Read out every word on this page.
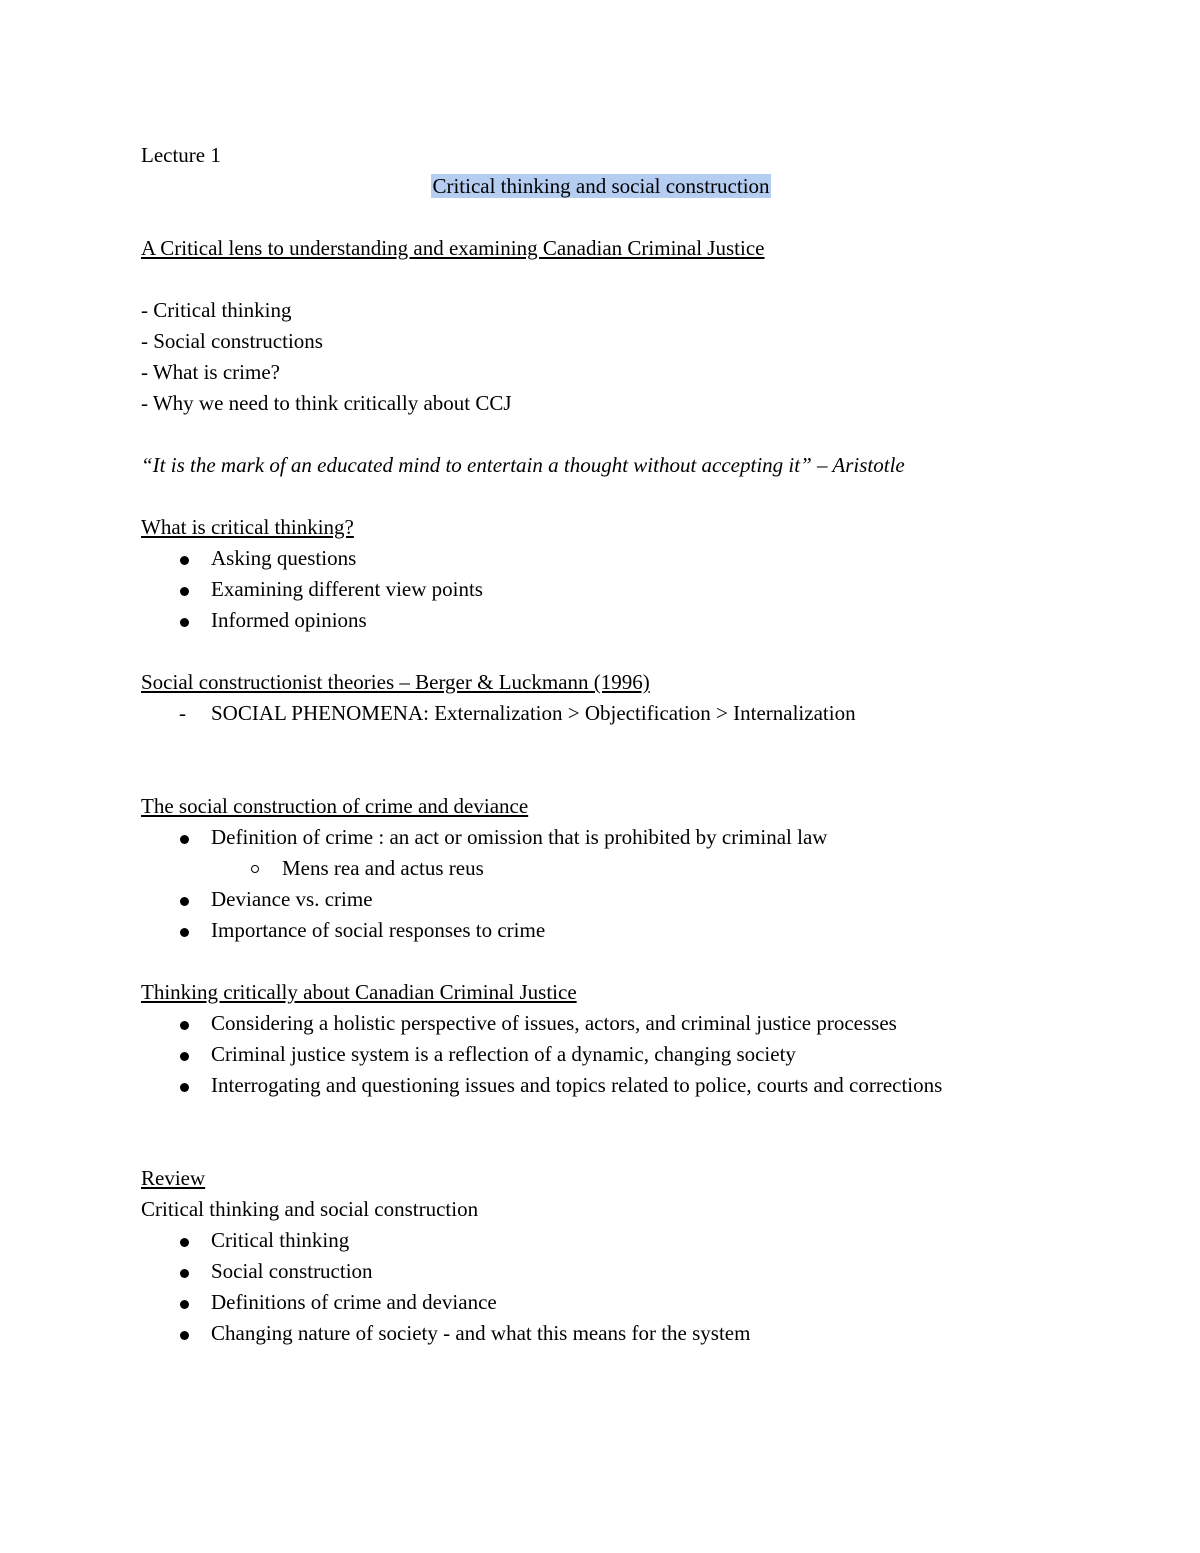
Lecture 1
Critical thinking and social construction
A Critical lens to understanding and examining Canadian Criminal Justice
- Critical thinking
- Social constructions
- What is crime?
- Why we need to think critically about CCJ
“It is the mark of an educated mind to entertain a thought without accepting it” – Aristotle
What is critical thinking?
Asking questions
Examining different view points
Informed opinions
Social constructionist theories – Berger & Luckmann (1996)
-	SOCIAL PHENOMENA: Externalization > Objectification > Internalization
The social construction of crime and deviance
Definition of crime : an act or omission that is prohibited by criminal law
Mens rea and actus reus
Deviance vs. crime
Importance of social responses to crime
Thinking critically about Canadian Criminal Justice
Considering a holistic perspective of issues, actors, and criminal justice processes
Criminal justice system is a reflection of a dynamic, changing society
Interrogating and questioning issues and topics related to police, courts and corrections
Review
Critical thinking and social construction
Critical thinking
Social construction
Definitions of crime and deviance
Changing nature of society - and what this means for the system
